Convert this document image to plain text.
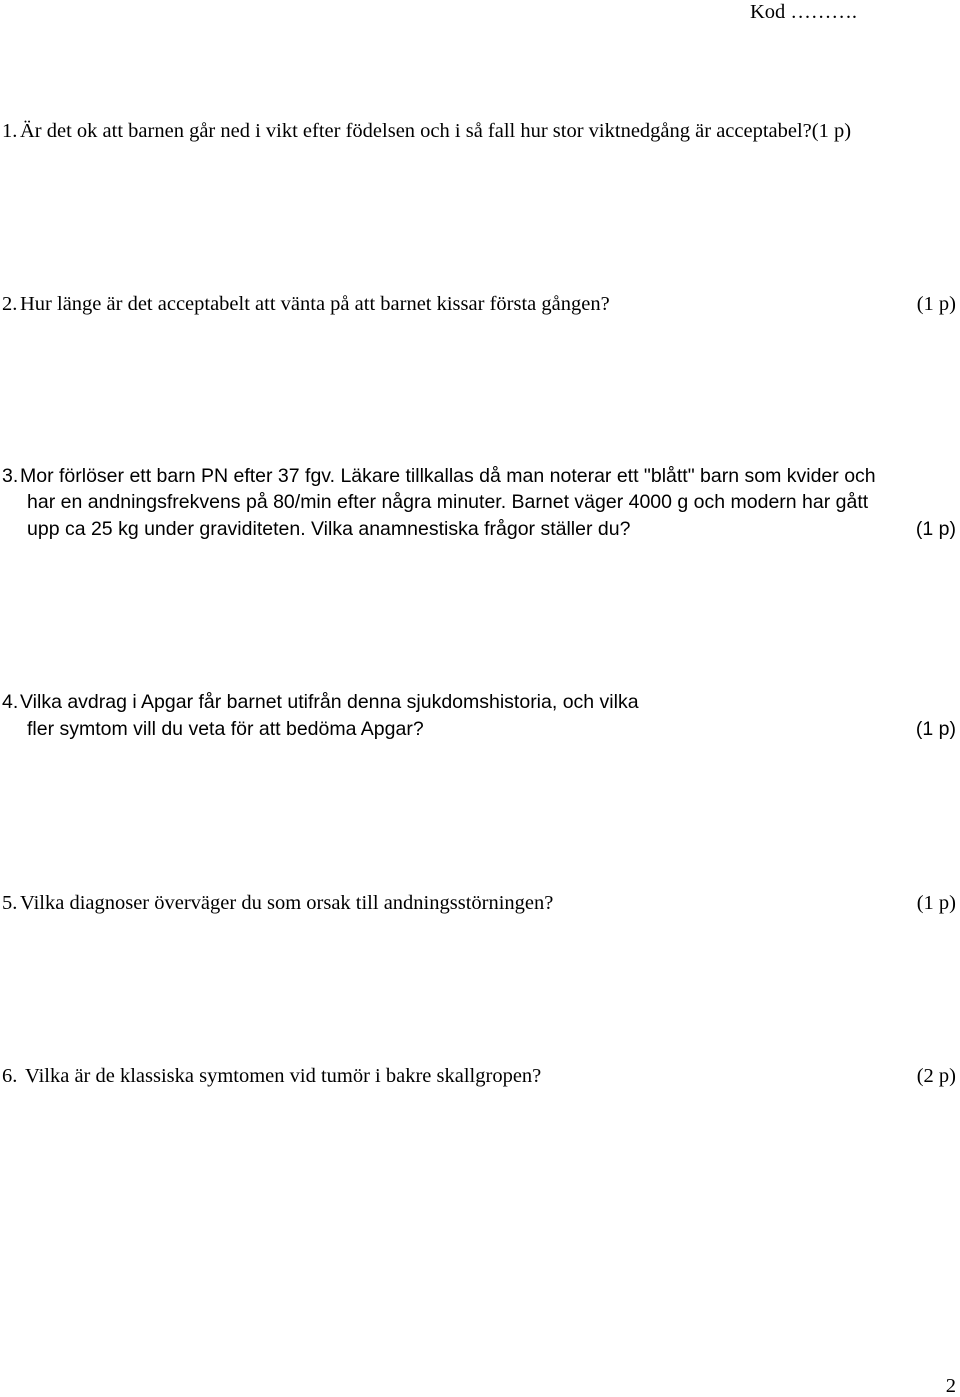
Kod ……….
1. Är det ok att barnen går ned i vikt efter födelsen och i så fall hur stor viktnedgång är acceptabel?(1 p)
2. Hur länge är det acceptabelt att vänta på att barnet kissar första gången?	(1 p)
3. Mor förlöser ett barn PN efter 37 fgv. Läkare tillkallas då man noterar ett "blått" barn som kvider och
har en andningsfrekvens på 80/min efter några minuter. Barnet väger 4000 g och modern har gått
upp ca 25 kg under graviditeten. Vilka anamnestiska frågor ställer du?	(1 p)
4. Vilka avdrag i Apgar får barnet utifrån denna sjukdomshistoria, och vilka
fler symtom vill du veta för att bedöma Apgar?	(1 p)
5. Vilka diagnoser överväger du som orsak till andningsstörningen?	(1 p)
6. Vilka är de klassiska symtomen vid tumör i bakre skallgropen?	(2 p)
2
